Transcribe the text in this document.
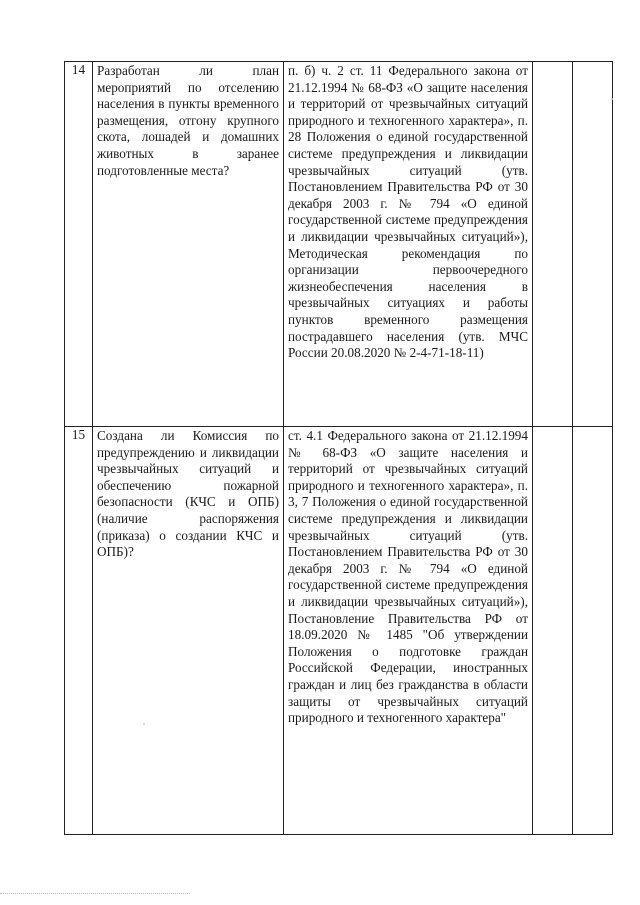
14	Разработан ли план мероприятий по отселению населения в пункты временного размещения, отгону крупного скота, лошадей и домашних животных в заранее подготовленные места?	п. б) ч. 2 ст. 11 Федерального закона от 21.12.1994 № 68-ФЗ «О защите населения и территорий от чрезвычайных ситуаций природного и техногенного характера», п. 28 Положения о единой государственной системе предупреждения и ликвидации чрезвычайных ситуаций (утв. Постановлением Правительства РФ от 30 декабря 2003 г. № 794 «О единой государственной системе предупреждения и ликвидации чрезвычайных ситуаций»), Методическая рекомендация по организации первоочередного жизнеобеспечения населения в чрезвычайных ситуациях и работы пунктов временного размещения пострадавшего населения (утв. МЧС России 20.08.2020 № 2-4-71-18-11)		

15	Создана ли Комиссия по предупреждению и ликвидации чрезвычайных ситуаций и обеспечению пожарной безопасности (КЧС и ОПБ) (наличие распоряжения (приказа) о создании КЧС и ОПБ)?	ст. 4.1 Федерального закона от 21.12.1994 № 68-ФЗ «О защите населения и территорий от чрезвычайных ситуаций природного и техногенного характера», п. 3, 7 Положения о единой государственной системе предупреждения и ликвидации чрезвычайных ситуаций (утв. Постановлением Правительства РФ от 30 декабря 2003 г. № 794 «О единой государственной системе предупреждения и ликвидации чрезвычайных ситуаций»), Постановление Правительства РФ от 18.09.2020 № 1485 "Об утверждении Положения о подготовке граждан Российской Федерации, иностранных граждан и лиц без гражданства в области защиты от чрезвычайных ситуаций природного и техногенного характера"		
